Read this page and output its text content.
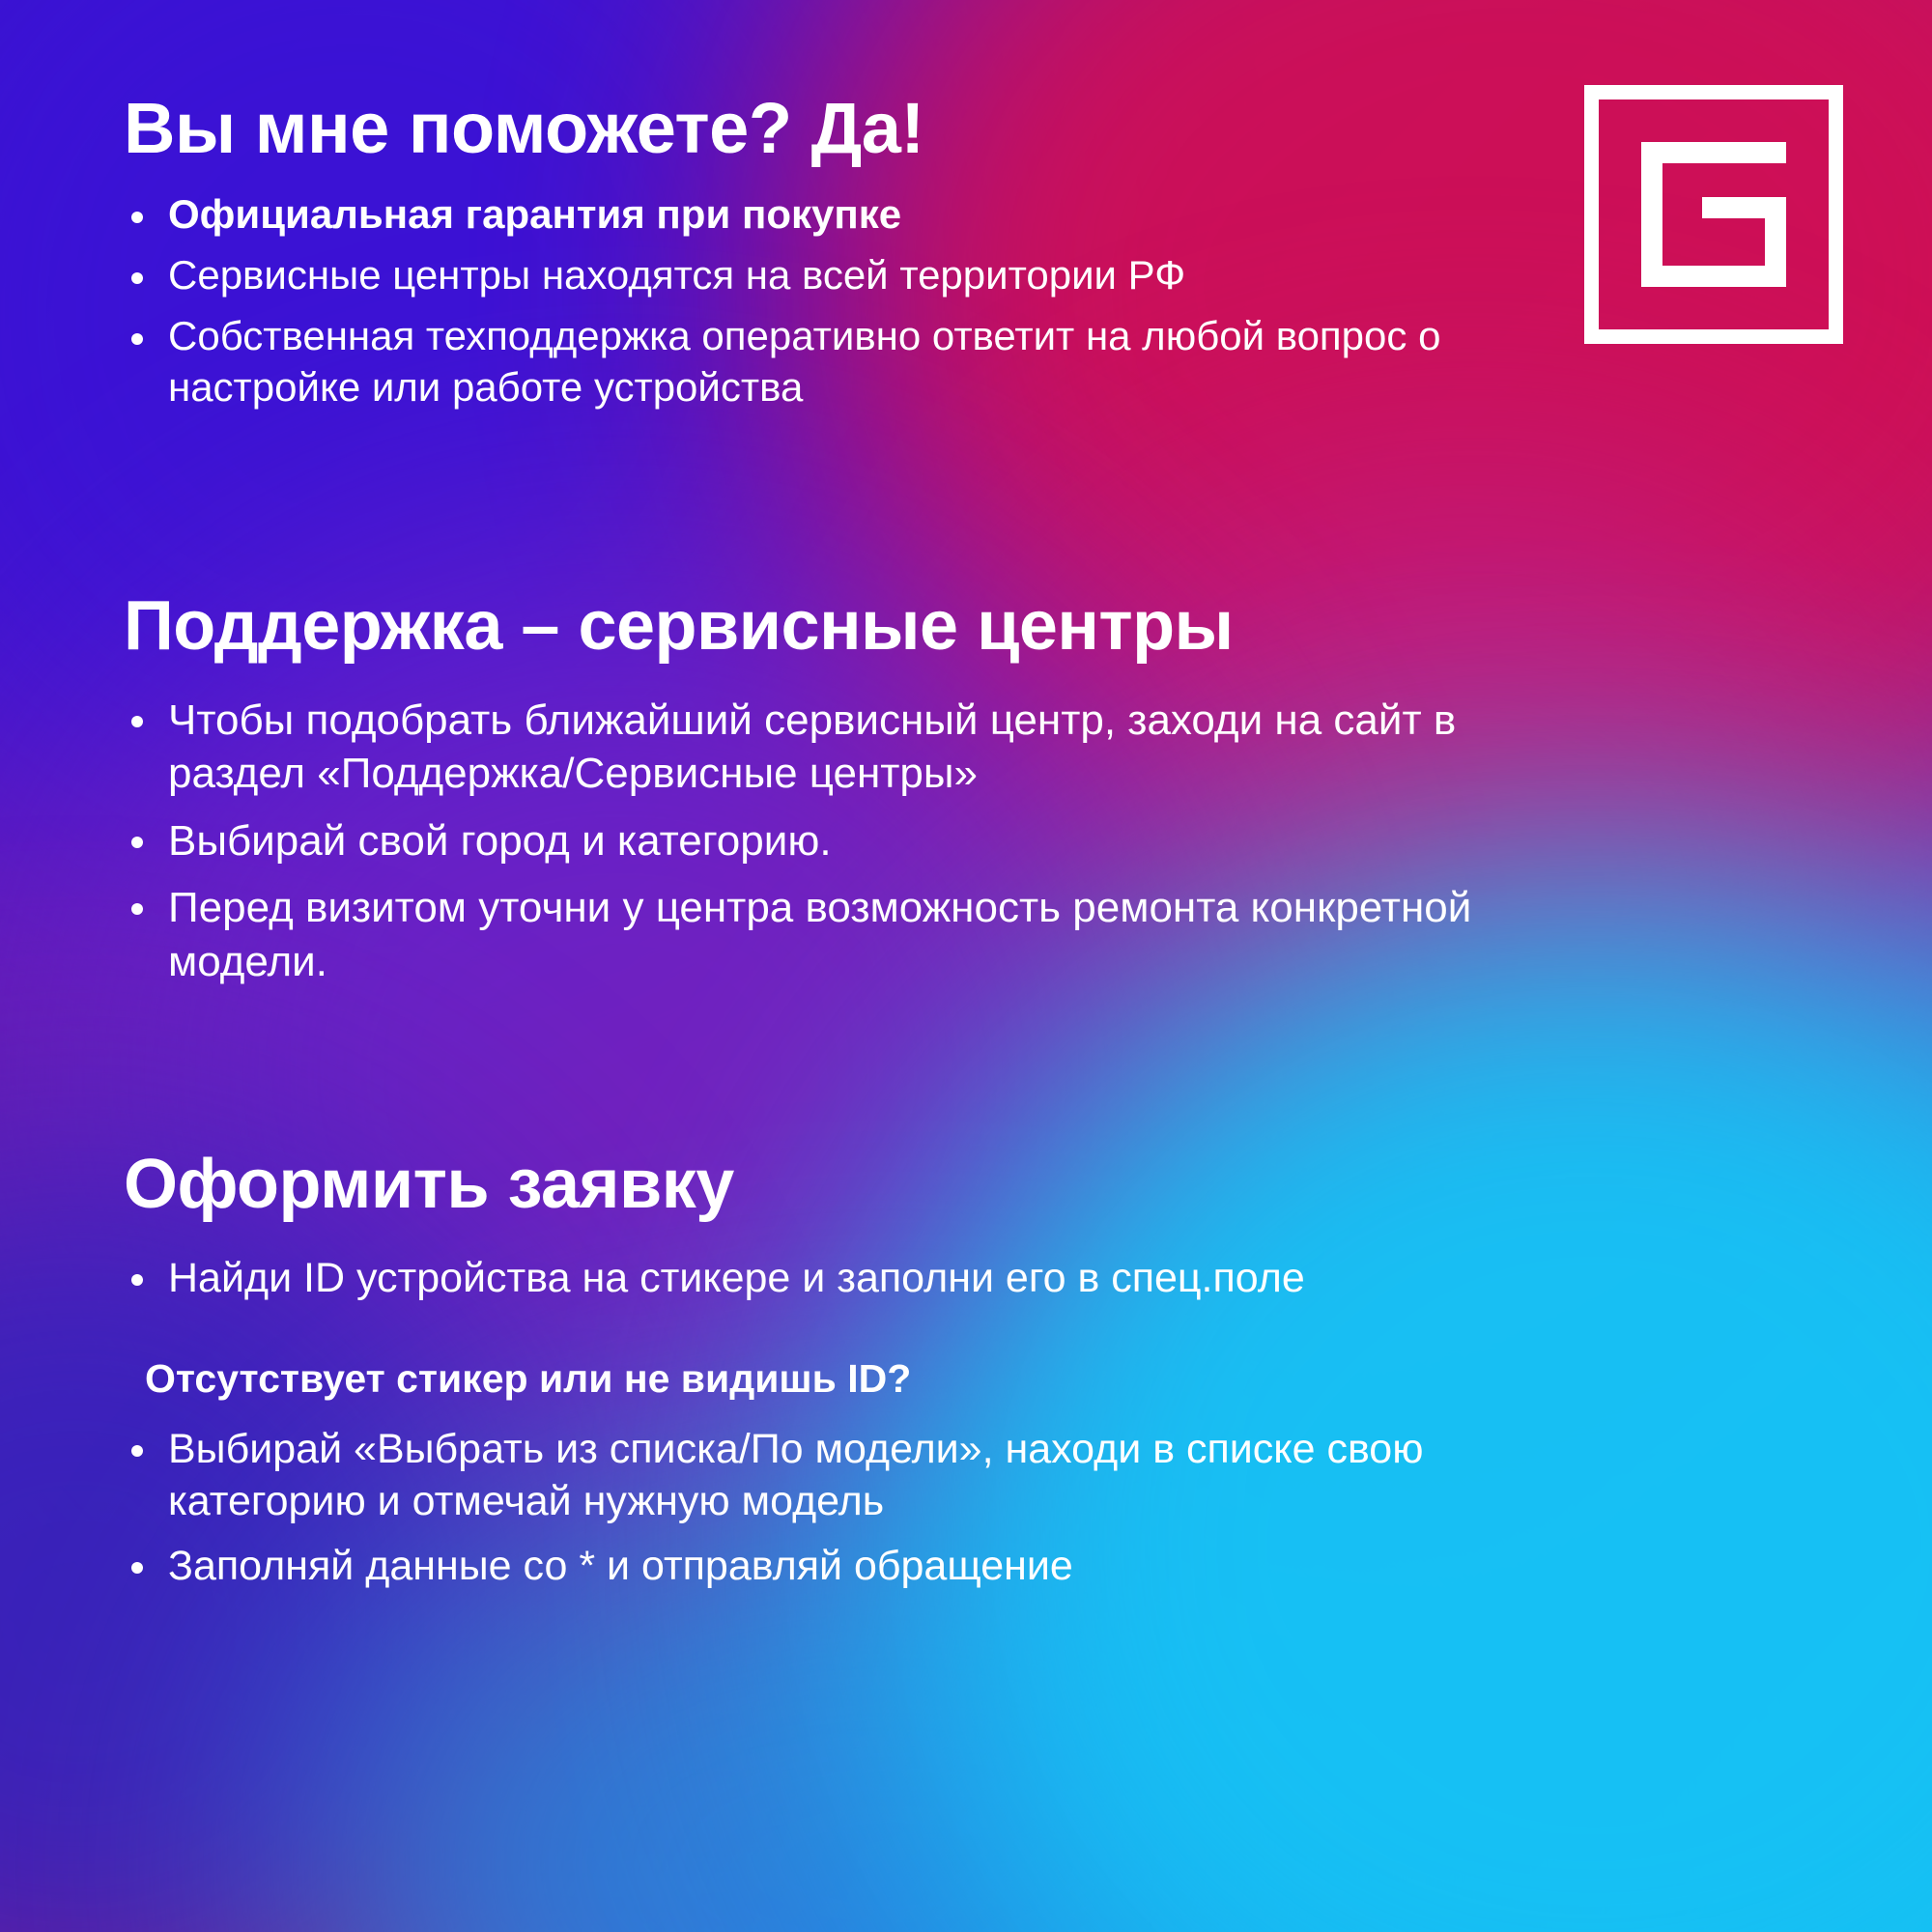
Вы мне поможете? Да!
Официальная гарантия при покупке
Сервисные центры находятся на всей территории РФ
Собственная техподдержка оперативно ответит на любой вопрос о настройке или работе устройства
Поддержка – сервисные центры
Чтобы подобрать ближайший сервисный центр, заходи на сайт в раздел «Поддержка/Сервисные центры»
Выбирай свой город и категорию.
Перед визитом уточни у центра возможность ремонта конкретной модели.
Оформить заявку
Найди ID устройства на стикере и заполни его в спец.поле
Отсутствует стикер или не видишь ID?
Выбирай «Выбрать из списка/По модели», находи в списке свою категорию и отмечай нужную модель
Заполняй данные со * и отправляй обращение
